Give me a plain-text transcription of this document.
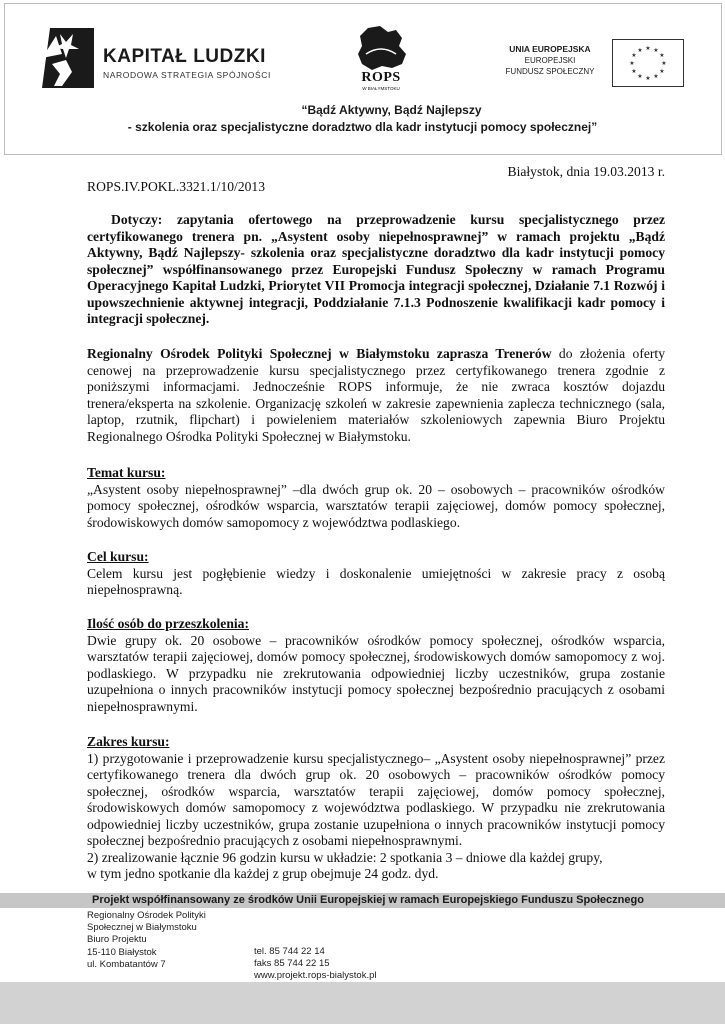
KAPITAŁ LUDZKI
NARODOWA STRATEGIA SPÓJNOŚCI	ROPS
W BIAŁYMSTOKU
UNIA EUROPEJSKA
EUROPEJSKI
FUNDUSZ SPOŁECZNY
★ ★
★
★
★
★
★
★
★
★
★
★
“Bądź Aktywny, Bądź Najlepszy
- szkolenia oraz specjalistyczne doradztwo dla kadr instytucji pomocy społecznej”
Białystok, dnia 19.03.2013 r.
ROPS.IV.POKL.3321.1/10/2013

Dotyczy: zapytania ofertowego na przeprowadzenie kursu specjalistycznego przez certyfikowanego trenera pn. „Asystent osoby niepełnosprawnej” w ramach projektu „Bądź Aktywny, Bądź Najlepszy- szkolenia oraz specjalistyczne doradztwo dla kadr instytucji pomocy społecznej” współfinansowanego przez Europejski Fundusz Społeczny w ramach Programu Operacyjnego Kapitał Ludzki, Priorytet VII Promocja integracji społecznej, Działanie 7.1 Rozwój i upowszechnienie aktywnej integracji, Poddziałanie 7.1.3 Podnoszenie kwalifikacji kadr pomocy i integracji społecznej.

Regionalny Ośrodek Polityki Społecznej w Białymstoku zaprasza Trenerów do złożenia oferty cenowej na przeprowadzenie kursu specjalistycznego przez certyfikowanego trenera zgodnie z poniższymi informacjami. Jednocześnie ROPS informuje, że nie zwraca kosztów dojazdu trenera/eksperta na szkolenie. Organizację szkoleń w zakresie zapewnienia zaplecza technicznego (sala, laptop, rzutnik, flipchart) i powieleniem materiałów szkoleniowych zapewnia Biuro Projektu Regionalnego Ośrodka Polityki Społecznej w Białymstoku.

Temat kursu:
„Asystent osoby niepełnosprawnej” –dla dwóch grup ok. 20 – osobowych – pracowników ośrodków pomocy społecznej, ośrodków wsparcia, warsztatów terapii zajęciowej, domów pomocy społecznej, środowiskowych domów samopomocy z województwa podlaskiego.

Cel kursu:
Celem kursu jest pogłębienie wiedzy i doskonalenie umiejętności w zakresie pracy z osobą niepełnosprawną.

Ilość osób do przeszkolenia:
Dwie grupy ok. 20 osobowe – pracowników ośrodków pomocy społecznej, ośrodków wsparcia, warsztatów terapii zajęciowej, domów pomocy społecznej, środowiskowych domów samopomocy z woj. podlaskiego. W przypadku nie zrekrutowania odpowiedniej liczby uczestników, grupa zostanie uzupełniona o innych pracowników instytucji pomocy społecznej bezpośrednio pracujących z osobami niepełnosprawnymi.

Zakres kursu:
1) przygotowanie i przeprowadzenie kursu specjalistycznego– „Asystent osoby niepełnosprawnej” przez certyfikowanego trenera dla dwóch grup ok. 20 osobowych – pracowników ośrodków pomocy społecznej, ośrodków wsparcia, warsztatów terapii zajęciowej, domów pomocy społecznej, środowiskowych domów samopomocy z województwa podlaskiego. W przypadku nie zrekrutowania odpowiedniej liczby uczestników, grupa zostanie uzupełniona o innych pracowników instytucji pomocy społecznej bezpośrednio pracujących z osobami niepełnosprawnymi.
2) zrealizowanie łącznie 96 godzin kursu w układzie: 2 spotkania 3 – dniowe dla każdej grupy,
w tym jedno spotkanie dla każdej z grup obejmuje 24 godz. dyd.

Projekt współfinansowany ze środków Unii Europejskiej w ramach Europejskiego Funduszu Społecznego
Regionalny Ośrodek Polityki
Społecznej w Białymstoku
Biuro Projektu
15-110 Białystok
ul. Kombatantów 7
tel. 85 744 22 14
faks 85 744 22 15
www.projekt.rops-bialystok.pl
